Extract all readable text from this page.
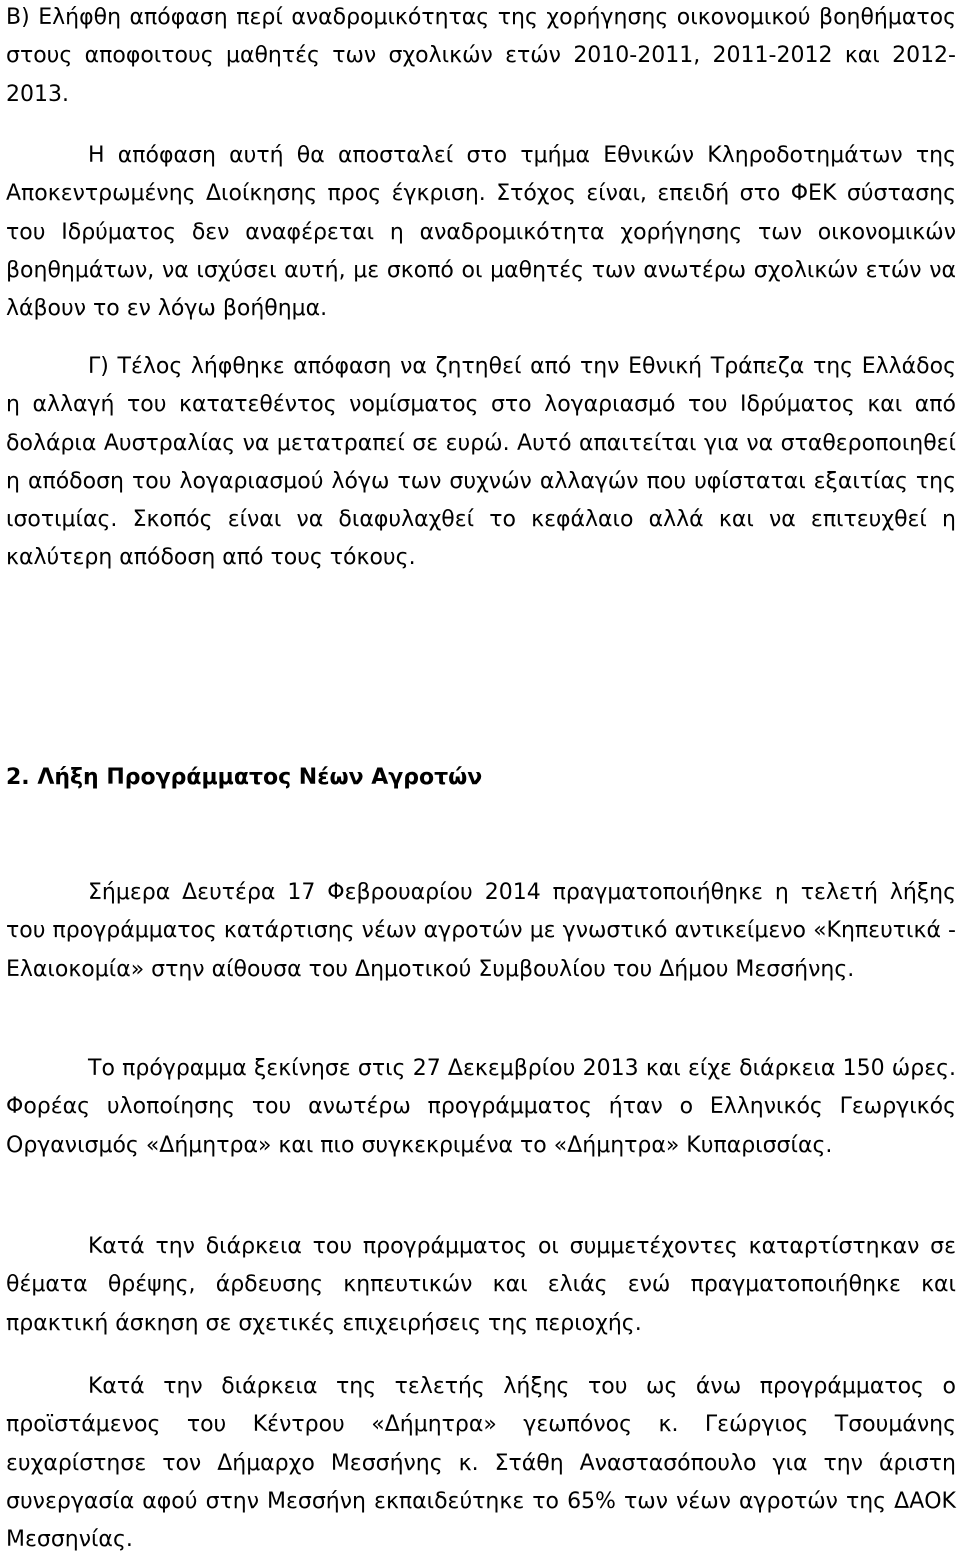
Β) Ελήφθη απόφαση περί αναδρομικότητας της χορήγησης οικονομικού βοηθήματος στους αποφοιτους μαθητές των σχολικών ετών 2010-2011, 2011-2012 και 2012-2013.

Η απόφαση αυτή θα αποσταλεί στο τμήμα Εθνικών Κληροδοτημάτων της Αποκεντρωμένης Διοίκησης προς έγκριση. Στόχος είναι, επειδή στο ΦΕΚ σύστασης του Ιδρύματος δεν αναφέρεται η αναδρομικότητα χορήγησης των οικονομικών βοηθημάτων, να ισχύσει αυτή, με σκοπό οι μαθητές των ανωτέρω σχολικών ετών να λάβουν το εν λόγω βοήθημα.

Γ) Τέλος λήφθηκε απόφαση να ζητηθεί από την Εθνική Τράπεζα της Ελλάδος η αλλαγή του κατατεθέντος νομίσματος στο λογαριασμό του Ιδρύματος και από δολάρια Αυστραλίας να μετατραπεί σε ευρώ. Αυτό απαιτείται για να σταθεροποιηθεί η απόδοση του λογαριασμού λόγω των συχνών αλλαγών που υφίσταται εξαιτίας της ισοτιμίας. Σκοπός είναι να διαφυλαχθεί το κεφάλαιο αλλά και να επιτευχθεί η καλύτερη απόδοση από τους τόκους.

2. Λήξη Προγράμματος Νέων Αγροτών

Σήμερα Δευτέρα 17 Φεβρουαρίου 2014 πραγματοποιήθηκε η τελετή λήξης του προγράμματος κατάρτισης νέων αγροτών με γνωστικό αντικείμενο «Κηπευτικά - Ελαιοκομία» στην αίθουσα του Δημοτικού Συμβουλίου του Δήμου Μεσσήνης.

Το πρόγραμμα ξεκίνησε στις 27 Δεκεμβρίου 2013 και είχε διάρκεια 150 ώρες. Φορέας υλοποίησης του ανωτέρω προγράμματος ήταν ο Ελληνικός Γεωργικός Οργανισμός «Δήμητρα» και πιο συγκεκριμένα το «Δήμητρα» Κυπαρισσίας.

Κατά την διάρκεια του προγράμματος οι συμμετέχοντες καταρτίστηκαν σε θέματα θρέψης, άρδευσης κηπευτικών και ελιάς ενώ πραγματοποιήθηκε και πρακτική άσκηση σε σχετικές επιχειρήσεις της περιοχής.

Κατά την διάρκεια της τελετής λήξης του ως άνω προγράμματος ο προϊστάμενος του Κέντρου «Δήμητρα» γεωπόνος κ. Γεώργιος Τσουμάνης ευχαρίστησε τον Δήμαρχο Μεσσήνης κ. Στάθη Αναστασόπουλο για την άριστη συνεργασία αφού στην Μεσσήνη εκπαιδεύτηκε το 65% των νέων αγροτών της ΔΑΟΚ Μεσσηνίας.
